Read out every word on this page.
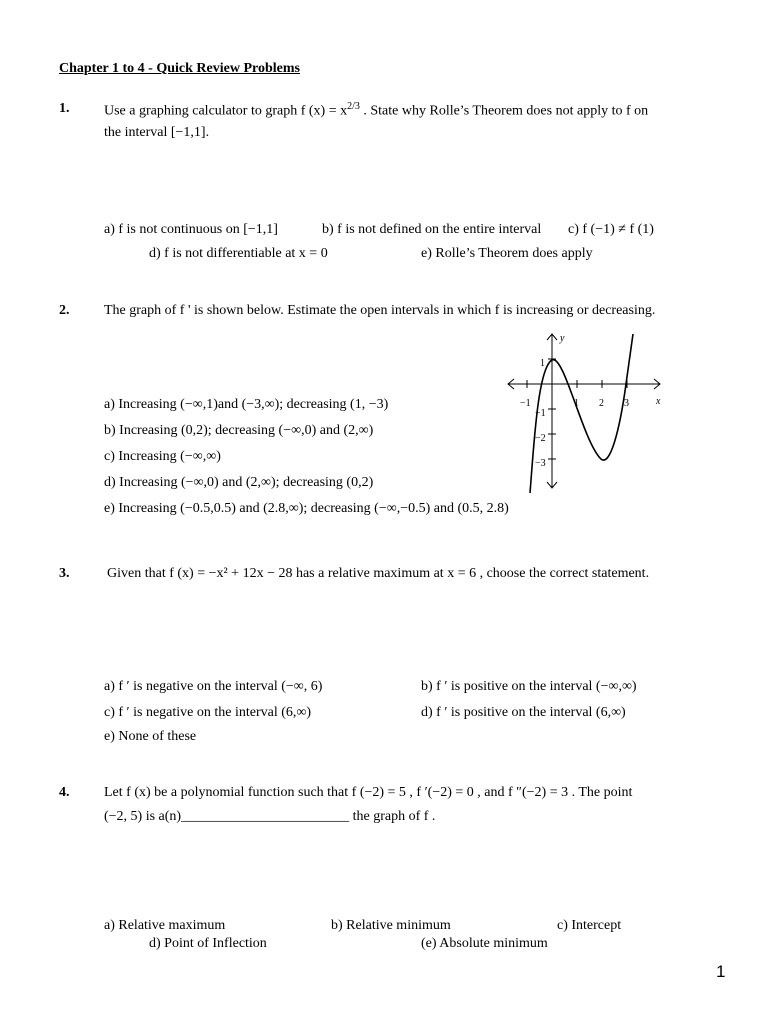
Chapter 1 to 4 - Quick Review Problems
1. Use a graphing calculator to graph f $(x) = x^{2/3}$ . State why Rolle’s Theorem does not apply to f on
the interval [−1,1].
a) f is not continuous on [−1,1]	b) f is not defined on the entire interval c) f (−1) ≠ f (1)
d) f is not differentiable at x = 0	e) Rolle’s Theorem does apply
2. The graph of f ' is shown below. Estimate the open intervals in which f is increasing or decreasing.
y
x
−1	1 2 3
1
−1
−2
−3
a) Increasing (−∞,1)and (−3,∞); decreasing (1, −3)
b) Increasing (0,2); decreasing (−∞,0) and (2,∞)
c) Increasing (−∞,∞)
d) Increasing (−∞,0) and (2,∞); decreasing (0,2)
e) Increasing (−0.5,0.5) and (2.8,∞); decreasing (−∞,−0.5) and (0.5, 2.8)
3.	Given that f (x) = −x² + 12x − 28 has a relative maximum at x = 6 , choose the correct statement.
a) f ′ is negative on the interval (−∞, 6)	b) f ′ is positive on the interval (−∞,∞)
c) f ′ is negative on the interval (6,∞)	d) f ′ is positive on the interval (6,∞)
e) None of these
4. Let f (x) be a polynomial function such that f (−2) = 5 , f ′(−2) = 0 , and f ″(−2) = 3 . The point
(−2, 5) is a(n)________________________ the graph of f .
a) Relative maximum	b) Relative minimum	c) Intercept
d) Point of Inflection	(e) Absolute minimum
1
